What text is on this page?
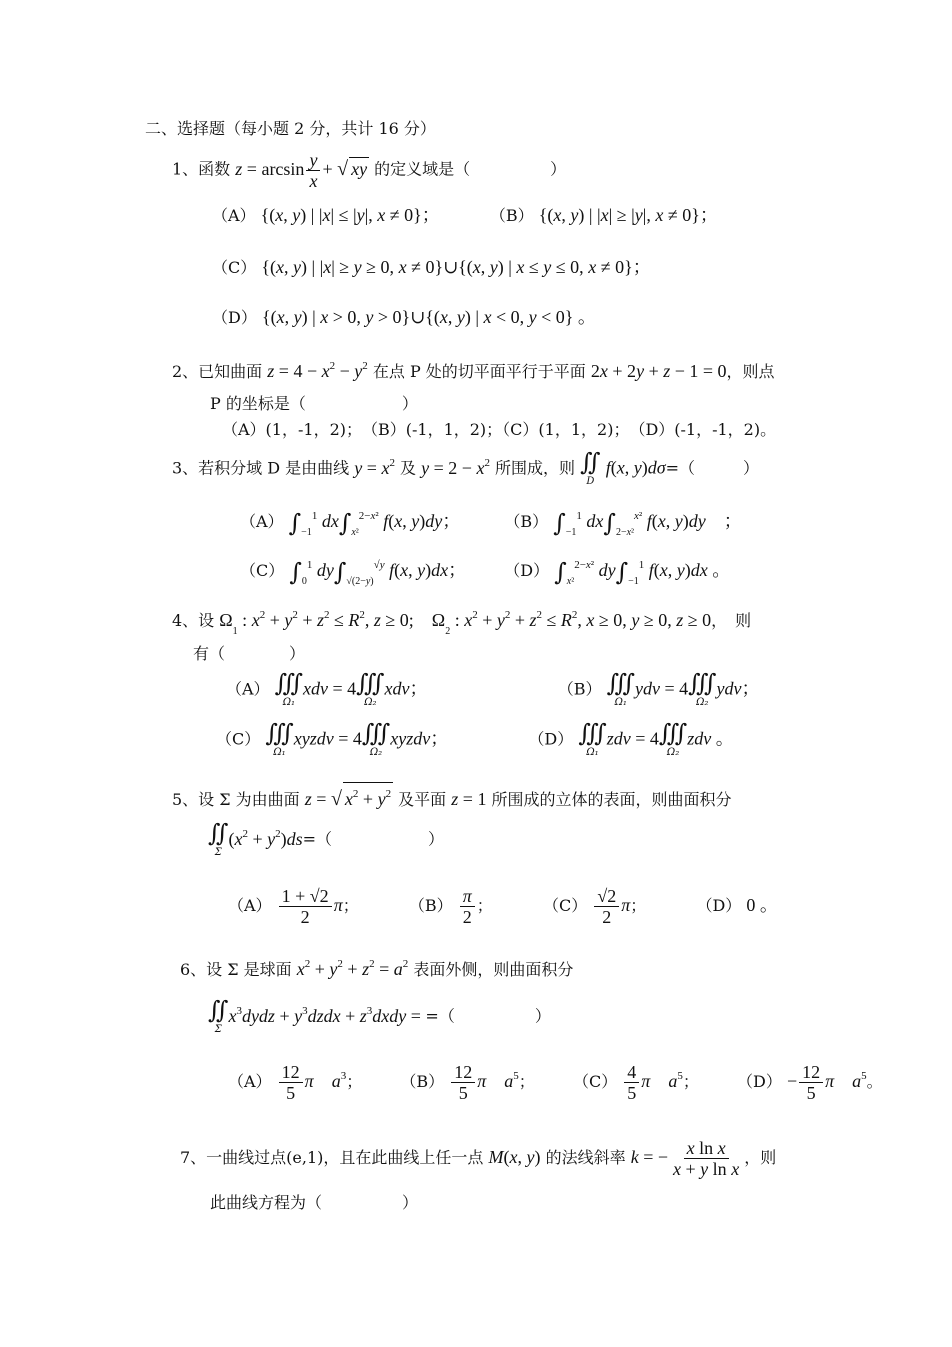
二、选择题（每小题 2 分，共计 16 分）
1、函数 $z = \arcsin \frac{y}{x}$ + √ xy 的定义域是（　　　　　）
（A） {(x, y) | |x| ≤ |y|, x ≠ 0}；	（B） {(x, y) | |x| ≥ |y|, x ≠ 0}；
（C） {(x, y) | |x| ≥ y ≥ 0, x ≠ 0}∪{(x, y) | x ≤ y ≤ 0, x ≠ 0}；
（D） {(x, y) | x > 0, y > 0}∪{(x, y) | x < 0, y < 0} 。
2、已知曲面 $z = 4 - x^2 - y^2$ 在点 P 处的切平面平行于平面 2x + 2y + z − 1 = 0，则点
P 的坐标是（　　　　　　）
（A）(1，-1，2)；　（B）(-1，1，2)；（C）(1，1，2)；　（D）(-1，-1，2)。
3、若积分域 D 是由曲线 $y = x^2$ 及 $y = 2 - x^2$ 所围成，则 ∬
D
f(x, y)dσ=（　　　）
（A） $\int_{-1}^1$ $dx\int_{x^2}^{2-x^2}$ f(x, y)dy；	（B） $\int_{-1}^1$ $dx\int_{2-x^2}^{x^2}$ f(x, y)dy　；
（C） $\int_0^1$ $dy\int_{√(2-y)}^{√y}$ f(x, y)dx； （D） $\int_{x^2}^{2-x^2}$ $dy\int_{-1}^1$ f(x, y)dx 。
4、设 $\Omega_1$ : $x^2 + y^2 + z^2 \le R^2$, z ≥ 0;　$\Omega_2$ : $x^2 + y^2 + z^2 \le R^2$, x ≥ 0, y ≥ 0, z ≥ 0，　则
有（　　　　）
（A） ∭
Ω₁
xdv = 4 ∭
Ω₂
xdv；	（B） ∭
Ω₁
ydv = 4 ∭
Ω₂
ydv；
（C） ∭
Ω₁
xyzdv = 4 ∭
Ω₂
xyzdv；	（D） ∭
Ω₁
zdv = 4 ∭
Ω₂
zdv 。
5、设 Σ 为由曲面 z = √ $x^2 + y^2$ 及平面 z = 1 所围成的立体的表面，则曲面积分
∬
Σ
$(x^2 + y^2)ds=$（　　　　　　）
$(A) \frac{1 + √2}{2}$ π；	$(B) \frac{\pi}{2}$ ；	$(C) \frac{√2}{2}$ π；	（D） 0 。
6、设 Σ 是球面 $x^2 + y^2 + z^2 = a^2$ 表面外侧，则曲面积分
∬
Σ
$x^3dydz$ + $y^3dzdx$ + $z^3dxdy$ = =（　　　　　）
$(A) \frac{12}{5}$ π　 $a^3$；  $(B) \frac{12}{5}$ π　 $a^5$；  $(C) \frac{4}{5}$ π　 $a^5$；  $(D) - \frac{12}{5}$ π　 $a^5$。
7、一曲线过点(e,1)，且在此曲线上任一点 M(x, y) 的法线斜率 k = − $\frac{\text{x ln x}}{\text{x + y ln x}}$ ，则
此曲线方程为（　　　　　）
